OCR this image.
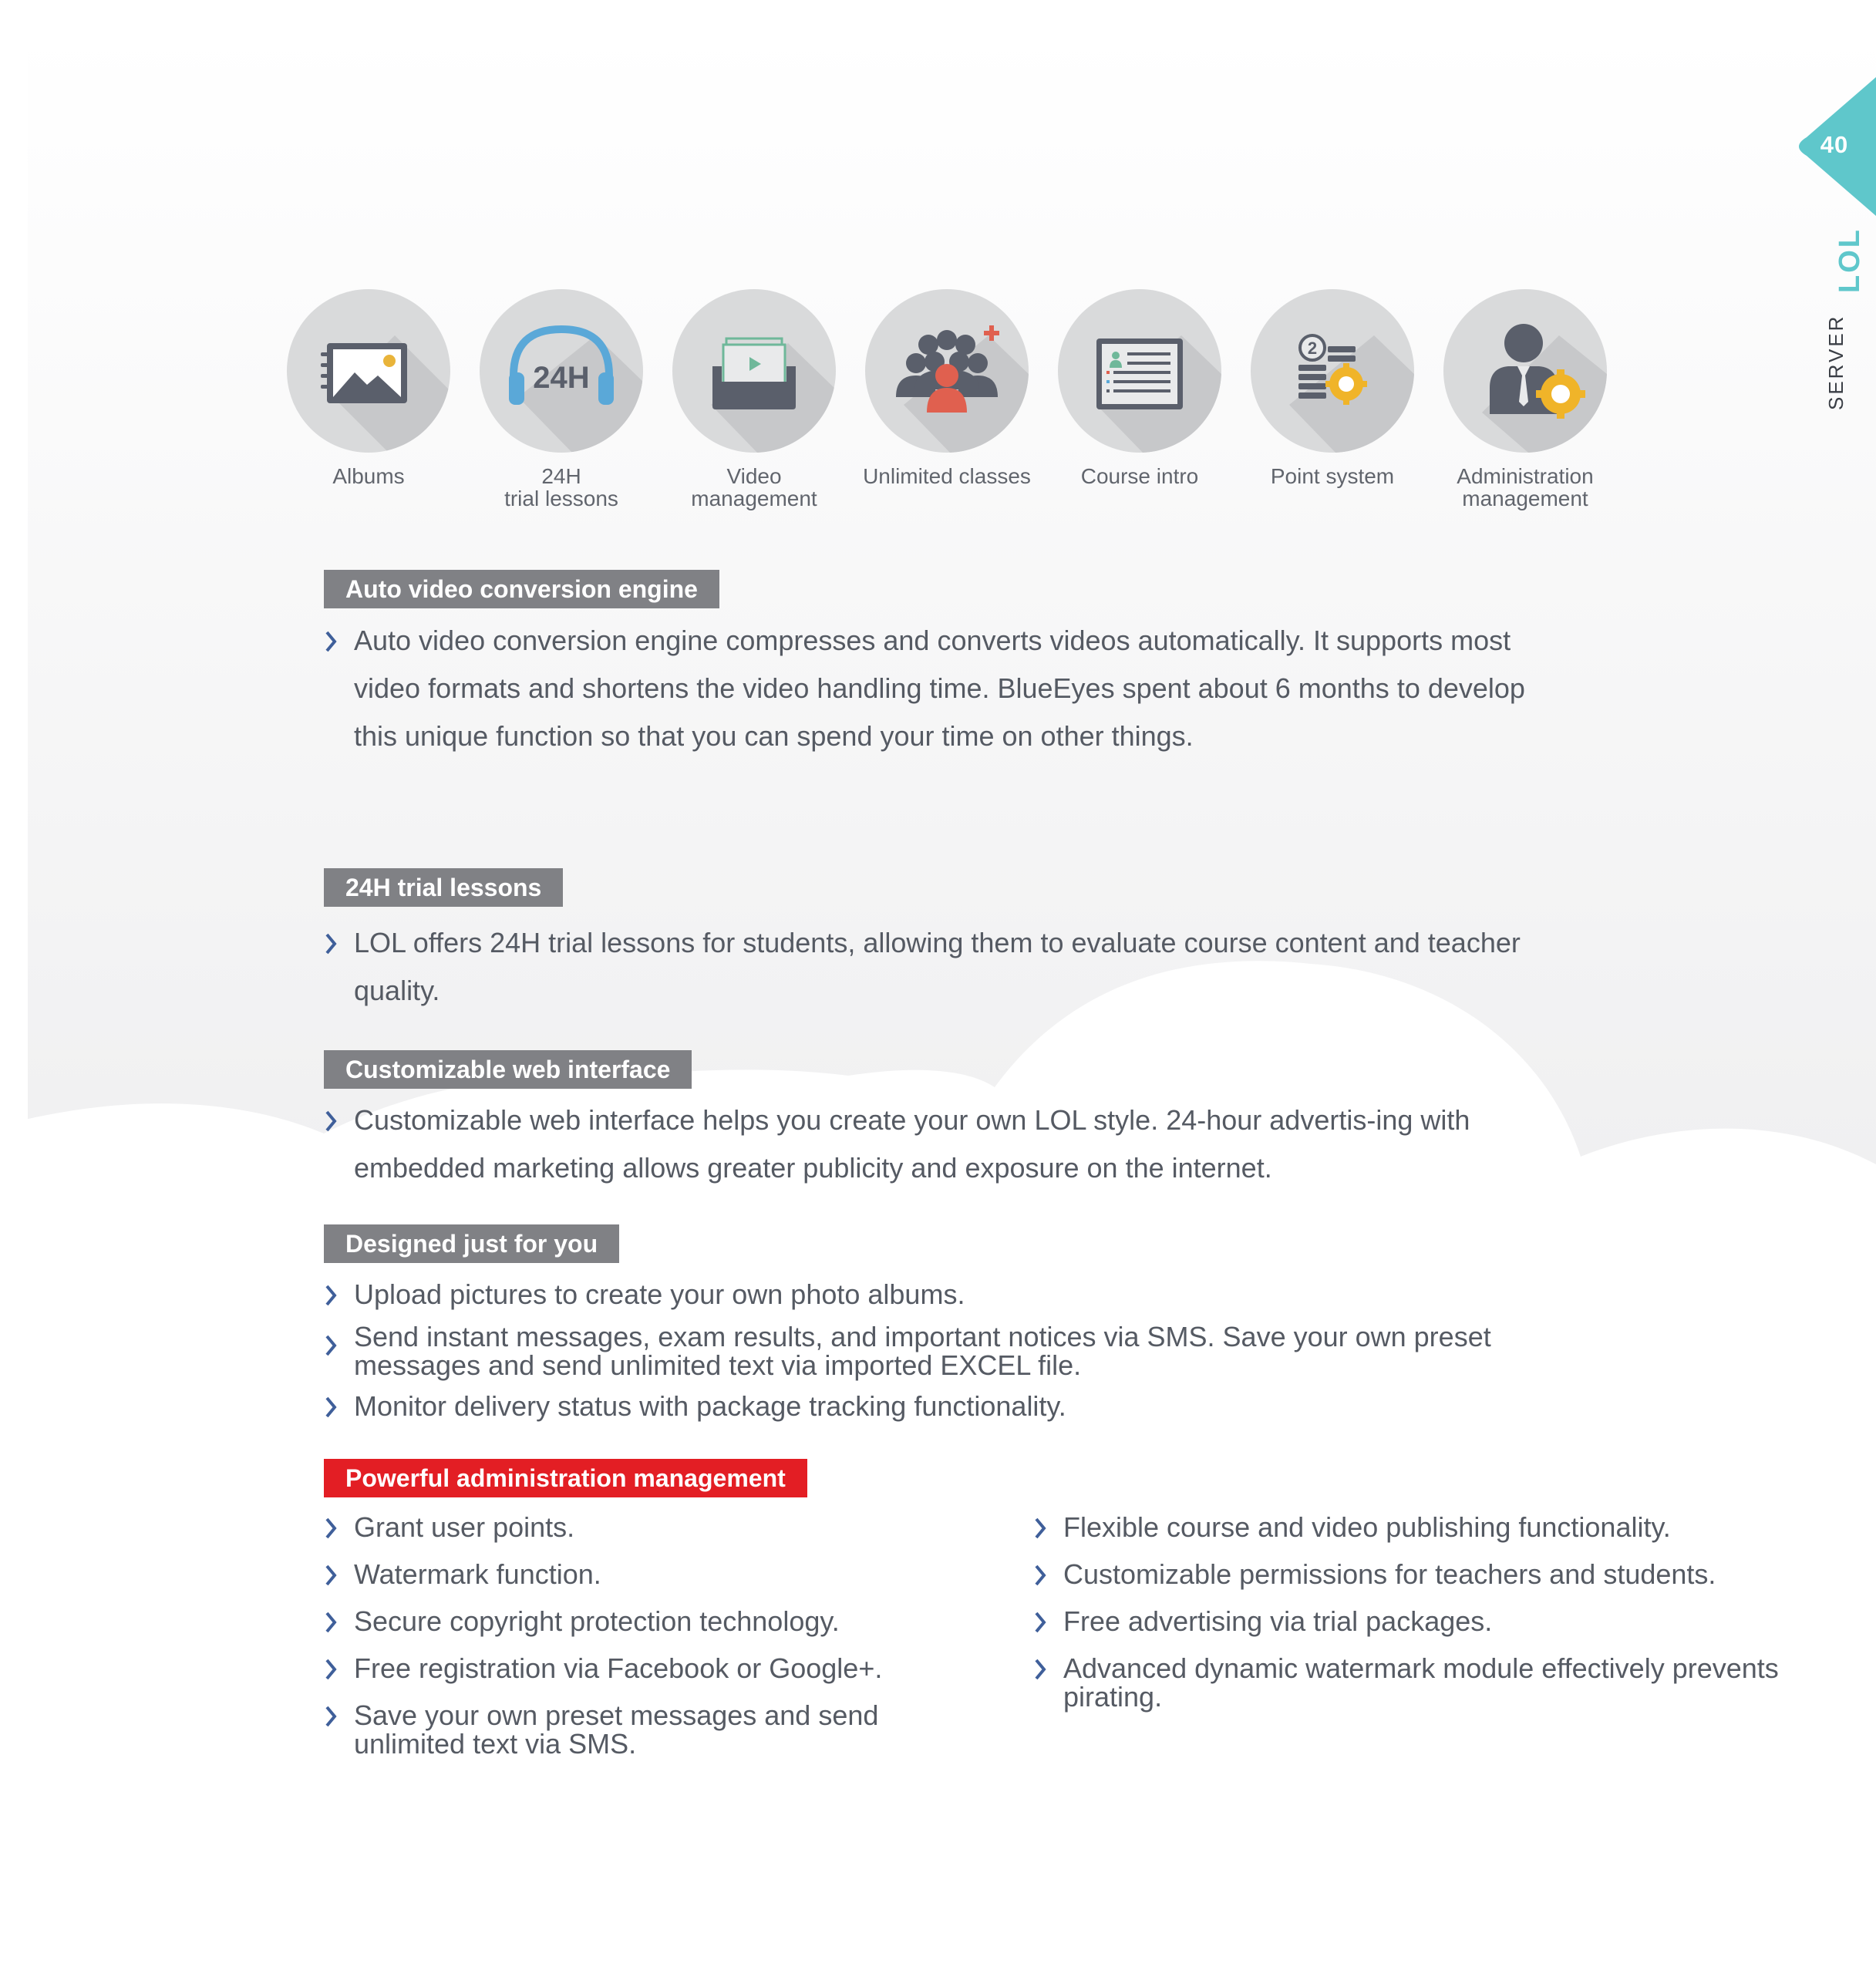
40
LOL
SERVER
Albums
24H
24H
trial lessons
Video
management
Unlimited classes	Course intro
2
Point system	Administration
management
Auto video conversion engine
Auto video conversion engine compresses and converts videos automatically. It supports most video formats and shortens the video handling time. BlueEyes spent about 6 months to develop this unique function so that you can spend your time on other things.
24H trial lessons
LOL offers 24H trial lessons for students, allowing them to evaluate course content and teacher quality.
Customizable web interface
Customizable web interface helps you create your own LOL style. 24-hour advertis-ing with embedded marketing allows greater publicity and exposure on the internet.
Designed just for you
Upload pictures to create your own photo albums.
Send instant messages, exam results, and important notices via SMS. Save your own preset messages and send unlimited text via imported EXCEL file.
Monitor delivery status with package tracking functionality.
Powerful administration management
Grant user points.
Watermark function.
Secure copyright protection technology.
Free registration via Facebook or Google+.
Save your own preset messages and send unlimited text via SMS.
Flexible course and video publishing functionality.
Customizable permissions for teachers and students.
Free advertising via trial packages.
Advanced dynamic watermark module effectively prevents pirating.
